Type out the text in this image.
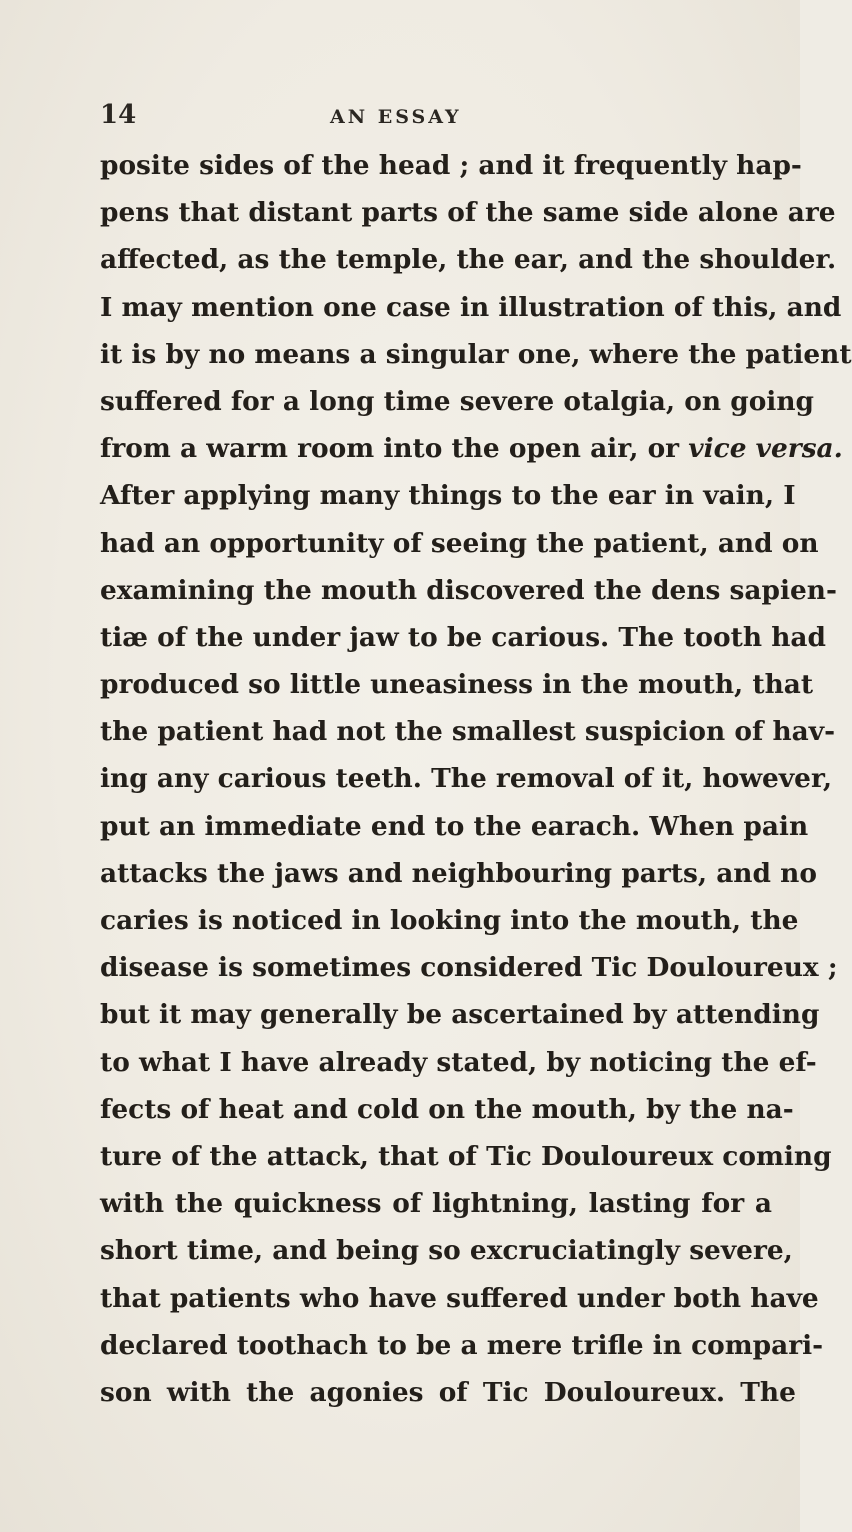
14	AN ESSAY
posite sides of the head ; and it frequently hap-
pens that distant parts of the same side alone are
affected, as the temple, the ear, and the shoulder.
I may mention one case in illustration of this, and
it is by no means a singular one, where the patient
suffered for a long time severe otalgia, on going
from a warm room into the open air, or vice versa.
After applying many things to the ear in vain, I
had an opportunity of seeing the patient, and on
examining the mouth discovered the dens sapien-
tiæ of the under jaw to be carious. The tooth had
produced so little uneasiness in the mouth, that
the patient had not the smallest suspicion of hav-
ing any carious teeth. The removal of it, however,
put an immediate end to the earach. When pain
attacks the jaws and neighbouring parts, and no
caries is noticed in looking into the mouth, the
disease is sometimes considered Tic Douloureux ;
but it may generally be ascertained by attending
to what I have already stated, by noticing the ef-
fects of heat and cold on the mouth, by the na-
ture of the attack, that of Tic Douloureux coming
with the quickness of lightning, lasting for a
short time, and being so excruciatingly severe,
that patients who have suffered under both have
declared toothach to be a mere trifle in compari-
son with the agonies of Tic Douloureux. The
